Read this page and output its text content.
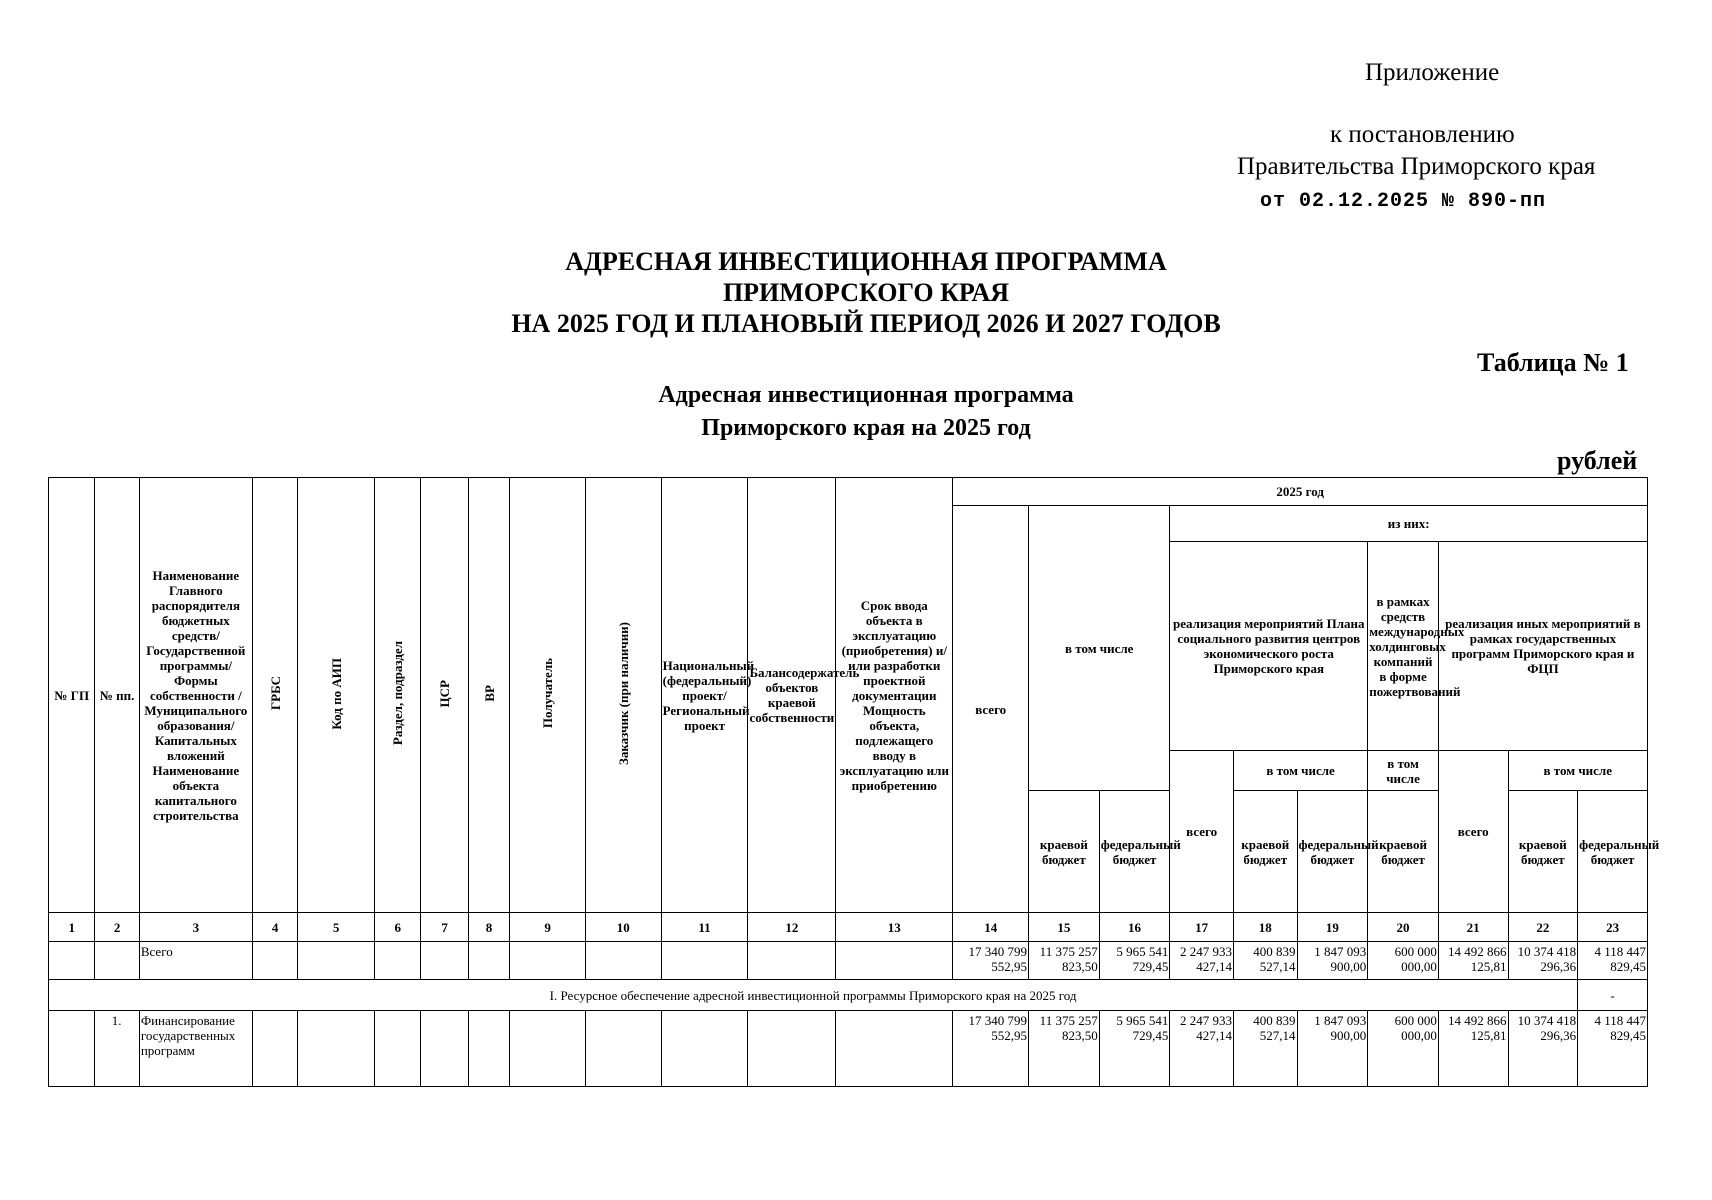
Приложение
к постановлению
Правительства Приморского края
от 02.12.2025 № 890-пп
АДРЕСНАЯ ИНВЕСТИЦИОННАЯ ПРОГРАММА
ПРИМОРСКОГО КРАЯ
НА 2025 ГОД И ПЛАНОВЫЙ ПЕРИОД 2026 И 2027 ГОДОВ
Таблица № 1
Адресная инвестиционная программа
Приморского края на 2025 год
рублей
№ ГП	№ пп.	Наименование Главного распорядителя бюджетных средств/Государственной программы/ Формы собственности /Муниципального образования/Капитальных вложений Наименование объекта капитального строительства	ГРБС	Код по АИП	Раздел, подраздел	ЦСР	ВР	Получатель	Заказчик (при наличии)	Национальный (федеральный) проект/ Региональный проект	Балансодержатель объектов краевой собственности	Срок ввода объекта в эксплуатацию (приобретения) и/или разработки проектной документации Мощность объекта, подлежащего вводу в эксплуатацию или приобретению	2025 год									
													всего	в том числе		из них:						
																реализация мероприятий Плана социального развития центров экономического роста Приморского края			в рамках средств международных холдинговых компаний в форме пожертвований	реализация иных мероприятий в рамках государственных программ Приморского края и ФЦП		
																всего	в том числе		в том числе	всего	в том числе	

														краевой бюджет	федеральный бюджет		краевой бюджет	федеральный бюджет	краевой бюджет		краевой бюджет	федеральный бюджет
1	2	3	4	5	6	7	8	9	10	11	12	13	14	15	16	17	18	19	20	21	22	23
		Всего											17 340 799 552,95	11 375 257 823,50	5 965 541 729,45	2 247 933 427,14	400 839 527,14	1 847 093 900,00	600 000 000,00	14 492 866 125,81	10 374 418 296,36	4 118 447 829,45
I. Ресурсное обеспечение адресной инвестиционной программы Приморского края на 2025 год																						-
	1.	Финансирование государственных программ											17 340 799 552,95	11 375 257 823,50	5 965 541 729,45	2 247 933 427,14	400 839 527,14	1 847 093 900,00	600 000 000,00	14 492 866 125,81	10 374 418 296,36	4 118 447 829,45
